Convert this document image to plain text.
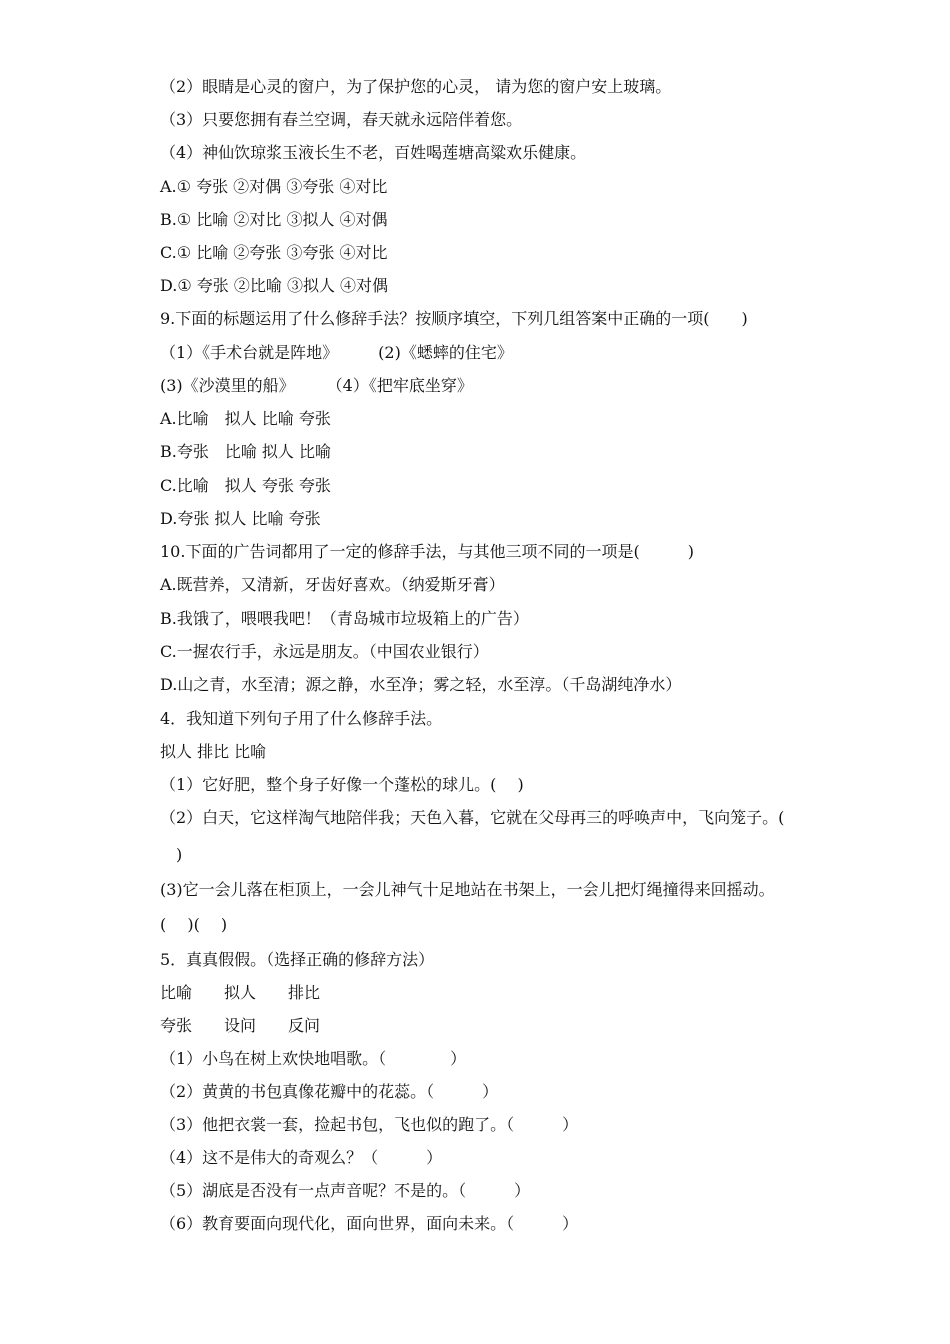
（2）眼睛是心灵的窗户，为了保护您的心灵， 请为您的窗户安上玻璃。
（3）只要您拥有春兰空调，春天就永远陪伴着您。
（4）神仙饮琼浆玉液长生不老，百姓喝莲塘高粱欢乐健康。
A.① 夸张 ②对偶 ③夸张 ④对比
B.① 比喻 ②对比 ③拟人 ④对偶
C.① 比喻 ②夸张 ③夸张 ④对比
D.① 夸张 ②比喻 ③拟人 ④对偶
9.下面的标题运用了什么修辞手法？按顺序填空，下列几组答案中正确的一项(　　)
（1）《手术台就是阵地》　　　(2)《蟋蟀的住宅》
(3)《沙漠里的船》　　　（4）《把牢底坐穿》
A.比喻　拟人 比喻 夸张
B.夸张　比喻 拟人 比喻
C.比喻　拟人 夸张 夸张
D.夸张 拟人 比喻 夸张
10.下面的广告词都用了一定的修辞手法，与其他三项不同的一项是(　　　)
A.既营养，又清新，牙齿好喜欢。（纳爱斯牙膏）
B.我饿了，喂喂我吧！（青岛城市垃圾箱上的广告）
C.一握农行手，永远是朋友。（中国农业银行）
D.山之青，水至清；源之静，水至净；雾之轻，水至淳。（千岛湖纯净水）
4．我知道下列句子用了什么修辞手法。
拟人 排比 比喻
（1）它好肥，整个身子好像一个蓬松的球儿。(　 )
（2）白天，它这样淘气地陪伴我；天色入暮，它就在父母再三的呼唤声中，飞向笼子。(
　)
(3)它一会儿落在柜顶上，一会儿神气十足地站在书架上，一会儿把灯绳撞得来回摇动。
(　 )(　 )
5．真真假假。（选择正确的修辞方法）
比喻　　拟人　　排比
夸张　　设问　　反问
（1）小鸟在树上欢快地唱歌。（　　　　）
（2）黄黄的书包真像花瓣中的花蕊。（　　　）
（3）他把衣裳一套，捡起书包，飞也似的跑了。（　　　）
（4）这不是伟大的奇观么？（　　　）
（5）湖底是否没有一点声音呢？不是的。（　　　）
（6）教育要面向现代化，面向世界，面向未来。（　　　）
